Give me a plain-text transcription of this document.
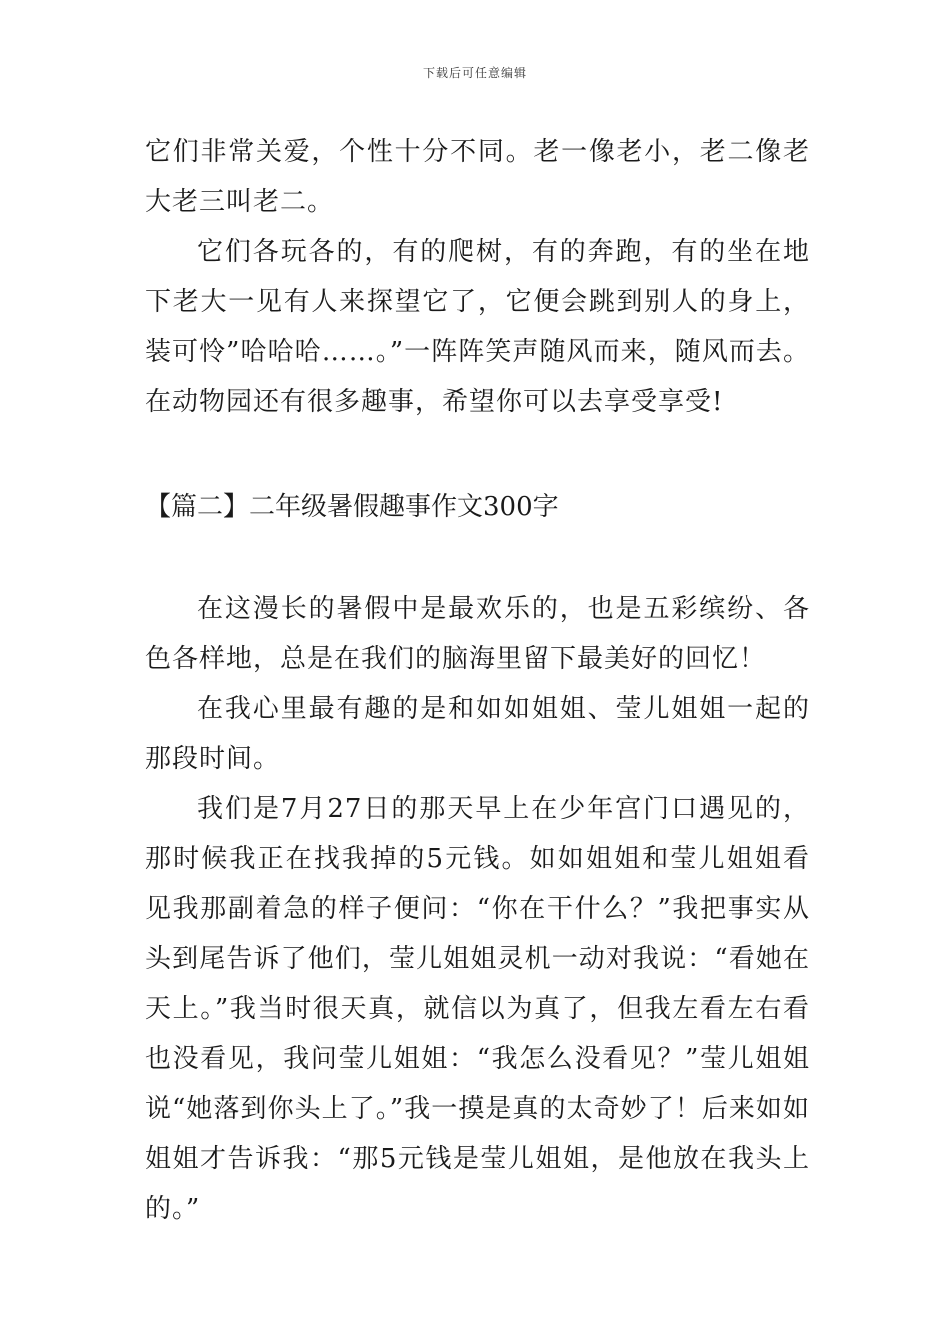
下载后可任意编辑

它们非常关爱，个性十分不同。老一像老小，老二像老大老三叫老二。

它们各玩各的，有的爬树，有的奔跑，有的坐在地下老大一见有人来探望它了，它便会跳到别人的身上，装可怜”哈哈哈……。”一阵阵笑声随风而来，随风而去。在动物园还有很多趣事，希望你可以去享受享受!

【篇二】二年级暑假趣事作文300字

在这漫长的暑假中是最欢乐的，也是五彩缤纷、各色各样地，总是在我们的脑海里留下最美好的回忆！

在我心里最有趣的是和如如姐姐、莹儿姐姐一起的那段时间。

我们是7月27日的那天早上在少年宫门口遇见的，那时候我正在找我掉的5元钱。如如姐姐和莹儿姐姐看见我那副着急的样子便问：“你在干什么？”我把事实从头到尾告诉了他们，莹儿姐姐灵机一动对我说：“看她在天上。”我当时很天真，就信以为真了，但我左看左右看也没看见，我问莹儿姐姐：“我怎么没看见？”莹儿姐姐说“她落到你头上了。”我一摸是真的太奇妙了！后来如如姐姐才告诉我：“那5元钱是莹儿姐姐，是他放在我头上的。”
